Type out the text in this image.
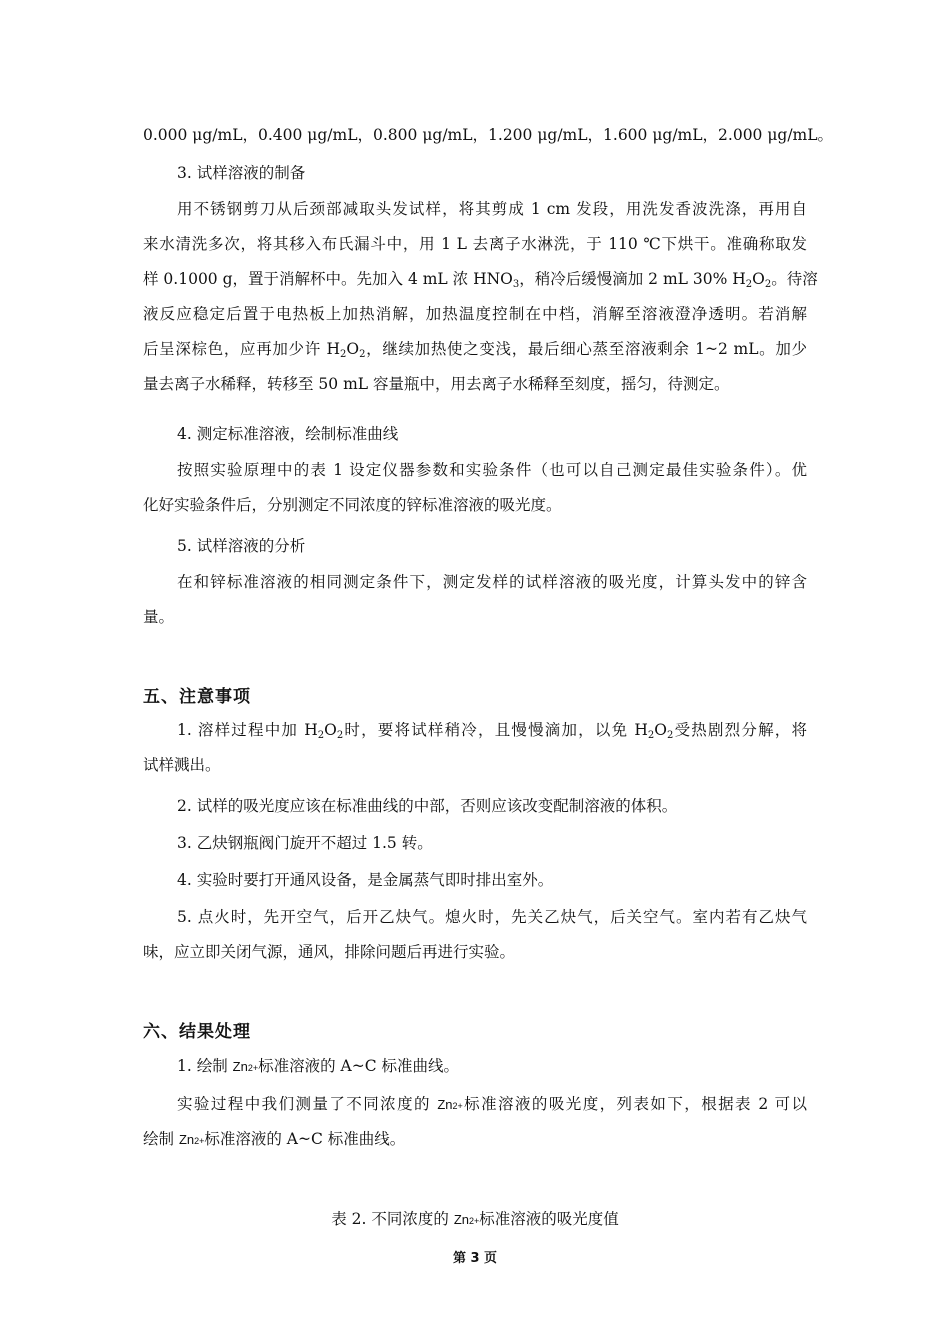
0.000 μg/mL，0.400 μg/mL，0.800 μg/mL，1.200 μg/mL，1.600 μg/mL，2.000 μg/mL。
3. 试样溶液的制备
用不锈钢剪刀从后颈部减取头发试样，将其剪成 1 cm 发段，用洗发香波洗涤，再用自
来水清洗多次，将其移入布氏漏斗中，用 1 L 去离子水淋洗，于 110 ℃下烘干。准确称取发
样 0.1000 g，置于消解杯中。先加入 4 mL 浓 $HNO_3$，稍冷后缓慢滴加 2 mL 30% $H_2O_2$。待溶
液反应稳定后置于电热板上加热消解，加热温度控制在中档，消解至溶液澄净透明。若消解
后呈深棕色，应再加少许 $H_2O_2$，继续加热使之变浅，最后细心蒸至溶液剩余 1~2 mL。加少
量去离子水稀释，转移至 50 mL 容量瓶中，用去离子水稀释至刻度，摇匀，待测定。
4. 测定标准溶液，绘制标准曲线
按照实验原理中的表 1 设定仪器参数和实验条件（也可以自己测定最佳实验条件）。优
化好实验条件后，分别测定不同浓度的锌标准溶液的吸光度。
5. 试样溶液的分析
在和锌标准溶液的相同测定条件下，测定发样的试样溶液的吸光度，计算头发中的锌含
量。
五、注意事项
1. 溶样过程中加 $H_2O_2$时，要将试样稍冷，且慢慢滴加，以免 $H_2O_2$受热剧烈分解，将
试样溅出。
2. 试样的吸光度应该在标准曲线的中部，否则应该改变配制溶液的体积。
3. 乙炔钢瓶阀门旋开不超过 1.5 转。
4. 实验时要打开通风设备，是金属蒸气即时排出室外。
5. 点火时，先开空气，后开乙炔气。熄火时，先关乙炔气，后关空气。室内若有乙炔气
味，应立即关闭气源，通风，排除问题后再进行实验。
六、结果处理
1. 绘制 Zn2+标准溶液的 A~C 标准曲线。
实验过程中我们测量了不同浓度的 Zn2+标准溶液的吸光度，列表如下，根据表 2 可以
绘制 Zn2+标准溶液的 A~C 标准曲线。
表 2. 不同浓度的 Zn2+标准溶液的吸光度值
第 3 页
